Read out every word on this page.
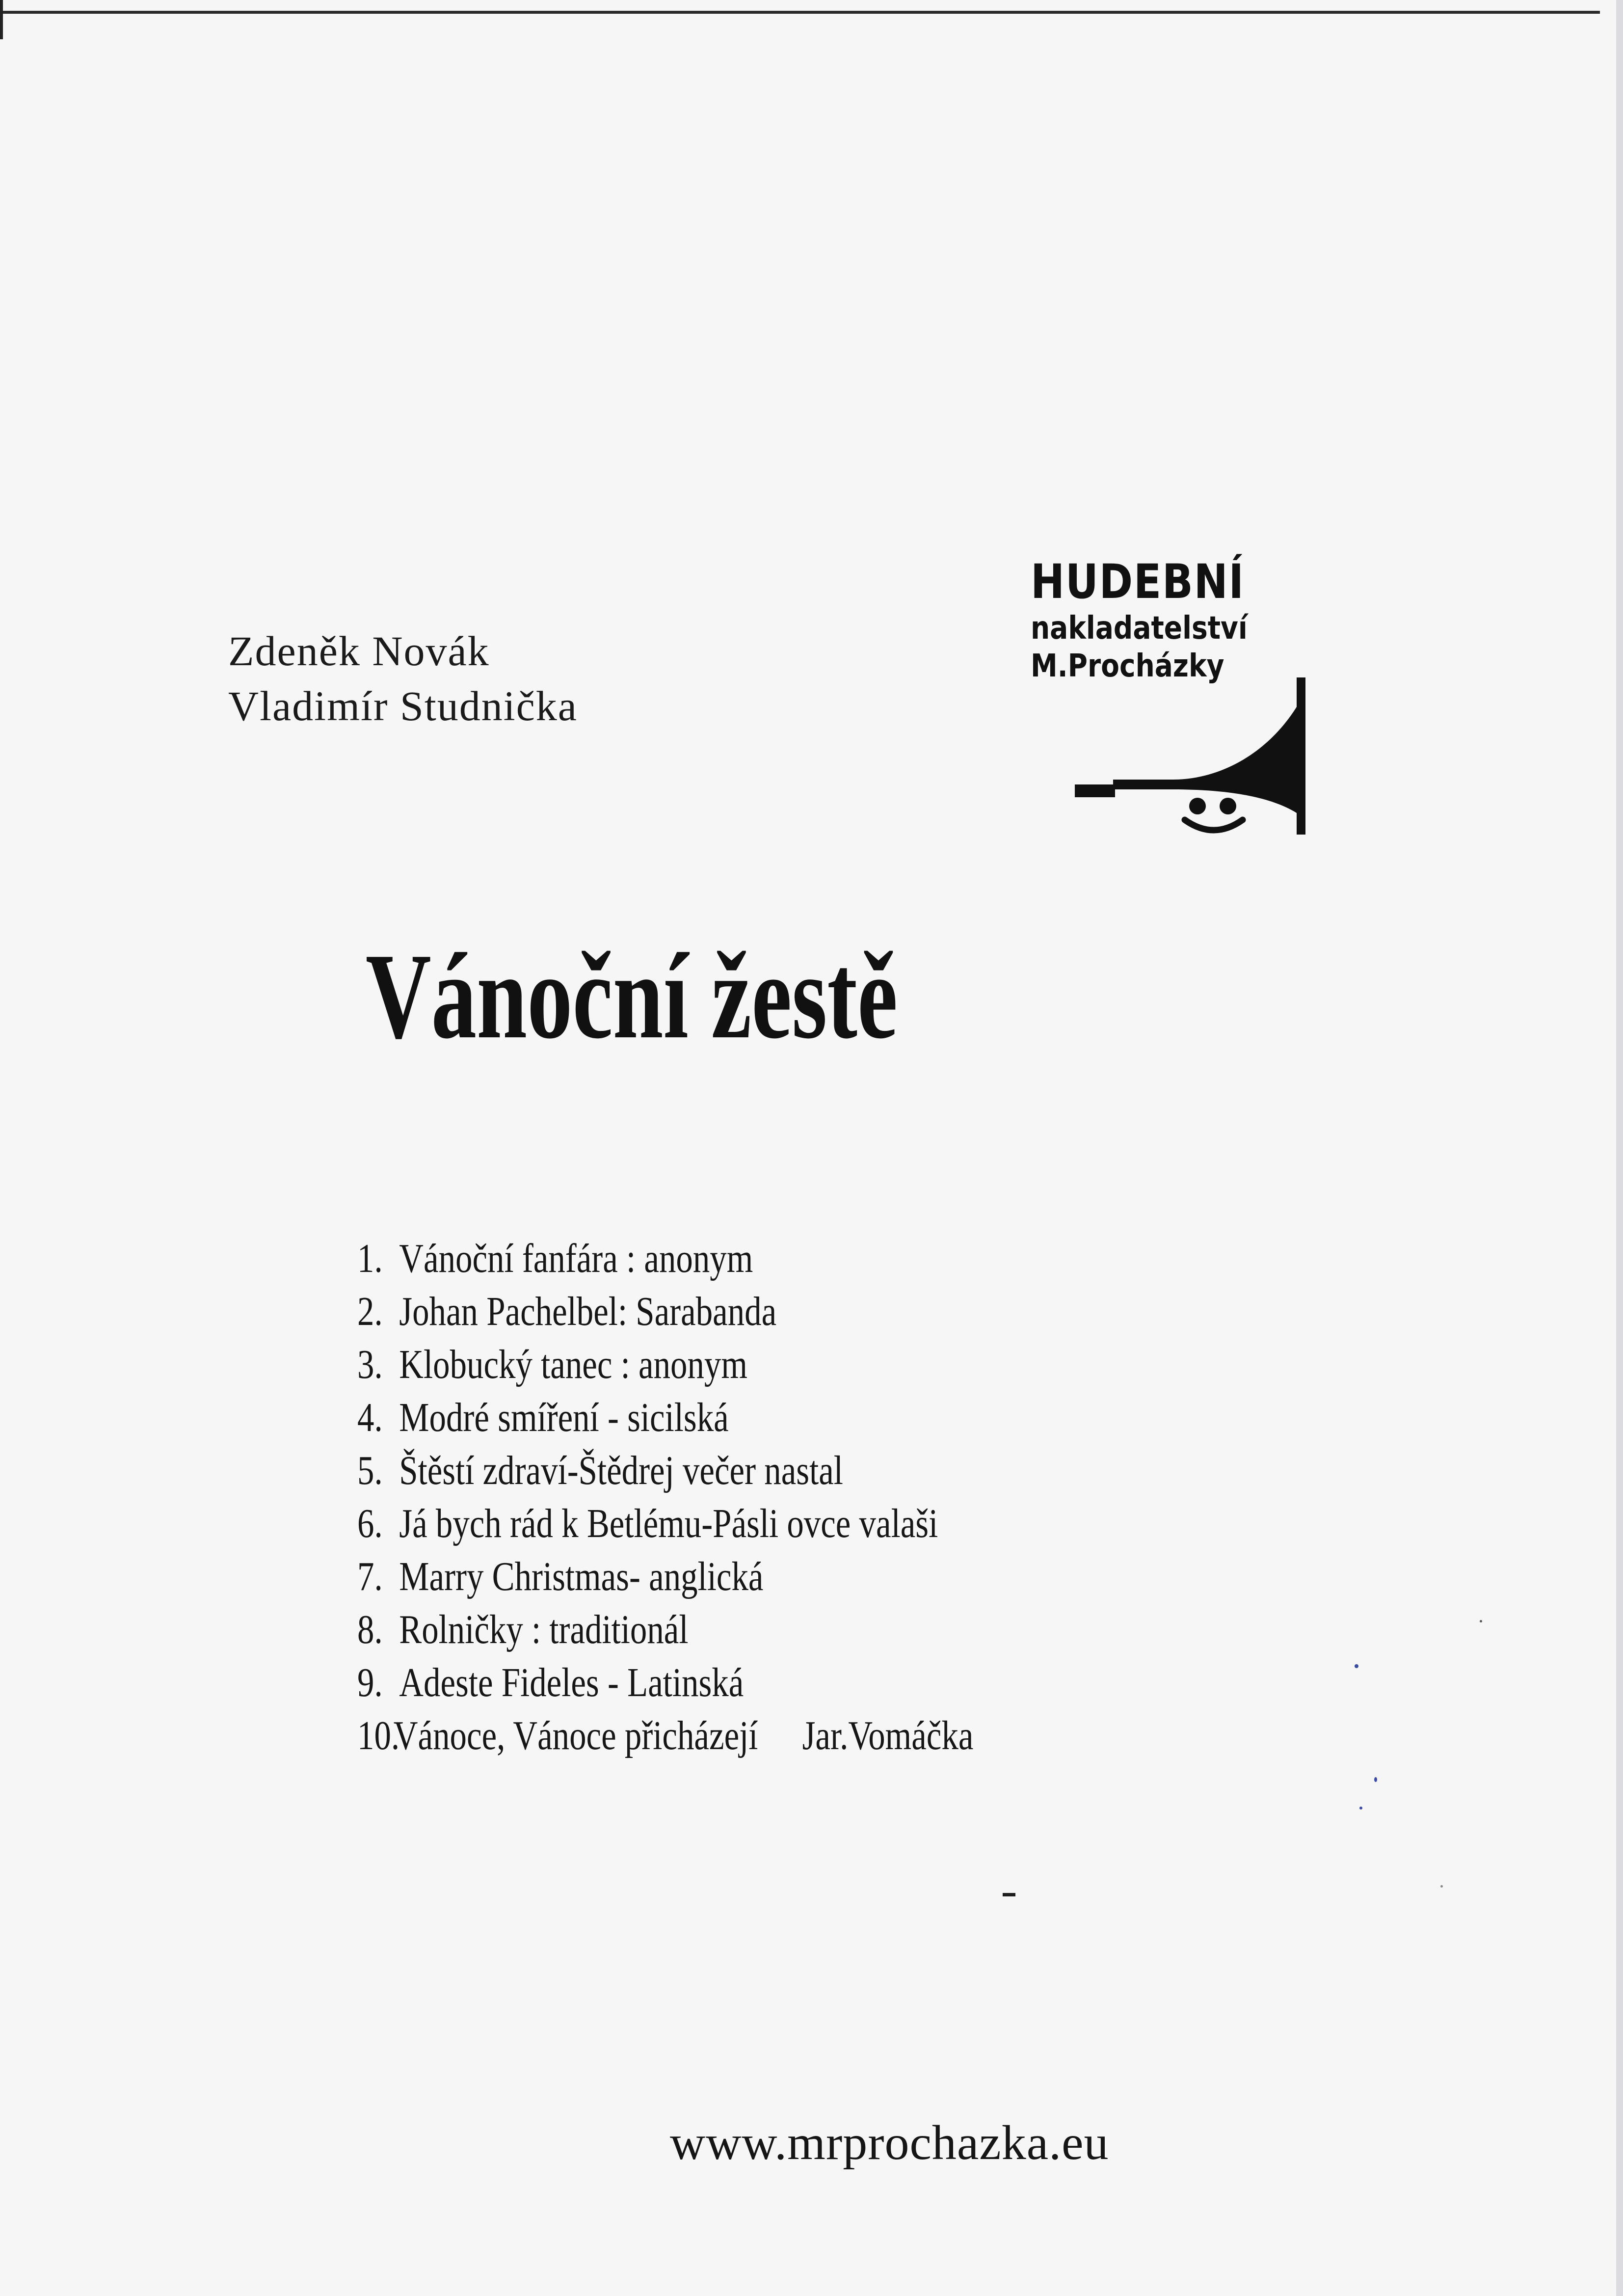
Zdeněk Novák
Vladimír Studnička
HUDEBNÍ
nakladatelství
M.Procházky
Vánoční žestě
1. Vánoční fanfára : anonym
2. Johan Pachelbel: Sarabanda
3. Klobucký tanec : anonym
4. Modré smíření - sicilská
5. Štěstí zdraví-Štědrej večer nastal
6. Já bych rád k Betlému-Pásli ovce valaši
7. Marry Christmas- anglická
8. Rolničky : traditionál
9. Adeste Fideles - Latinská
10.
Vánoce, Vánoce přicházejí Jar.Vomáčka
www.mrprochazka.eu
